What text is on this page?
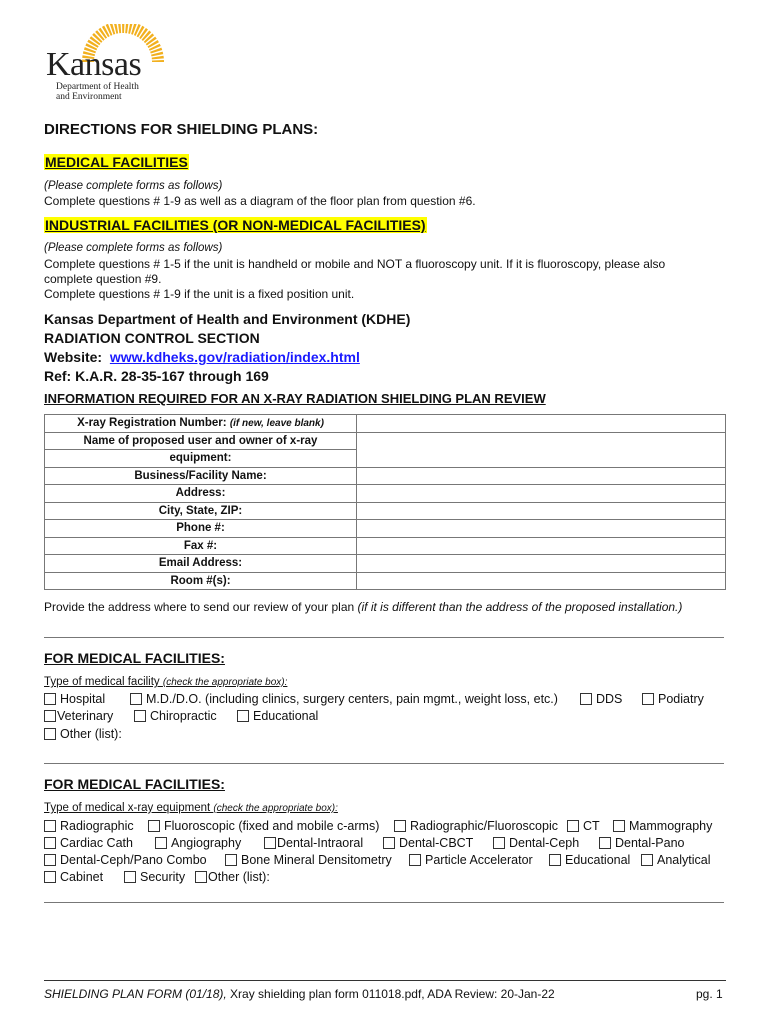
Kansas
Department of Health
and Environment
DIRECTIONS FOR SHIELDING PLANS:
MEDICAL FACILITIES
(Please complete forms as follows)
Complete questions # 1-9 as well as a diagram of the floor plan from question #6.
INDUSTRIAL FACILITIES (OR NON-MEDICAL FACILITIES)
(Please complete forms as follows)
Complete questions # 1-5 if the unit is handheld or mobile and NOT a fluoroscopy unit. If it is fluoroscopy, please also
complete question #9.
Complete questions # 1-9 if the unit is a fixed position unit.
Kansas Department of Health and Environment (KDHE)
RADIATION CONTROL SECTION
Website: www.kdheks.gov/radiation/index.html
Ref: K.A.R. 28-35-167 through 169
INFORMATION REQUIRED FOR AN X-RAY RADIATION SHIELDING PLAN REVIEW
X-ray Registration Number: (if new, leave blank)	
Name of proposed user and owner of x-ray	
equipment:	
Business/Facility Name:	
Address:	
City, State, ZIP:	
Phone #:	
Fax #:	
Email Address:	
Room #(s):	
Provide the address where to send our review of your plan (if it is different than the address of the proposed installation.)
FOR MEDICAL FACILITIES:
Type of medical facility (check the appropriate box):
Hospital	M.D./D.O. (including clinics, surgery centers, pain mgmt., weight loss, etc.)	DDS	Podiatry
Veterinary	Chiropractic	Educational
Other (list):
FOR MEDICAL FACILITIES:
Type of medical x-ray equipment (check the appropriate box):
Radiographic	Fluoroscopic (fixed and mobile c-arms)	Radiographic/Fluoroscopic	CT	Mammography
Cardiac Cath	Angiography	Dental-Intraoral	Dental-CBCT	Dental-Ceph	Dental-Pano
Dental-Ceph/Pano Combo	Bone Mineral Densitometry	Particle Accelerator	Educational	Analytical
Cabinet	Security	Other (list):
SHIELDING PLAN FORM (01/18), Xray shielding plan form 011018.pdf, ADA Review: 20-Jan-22	pg. 1
